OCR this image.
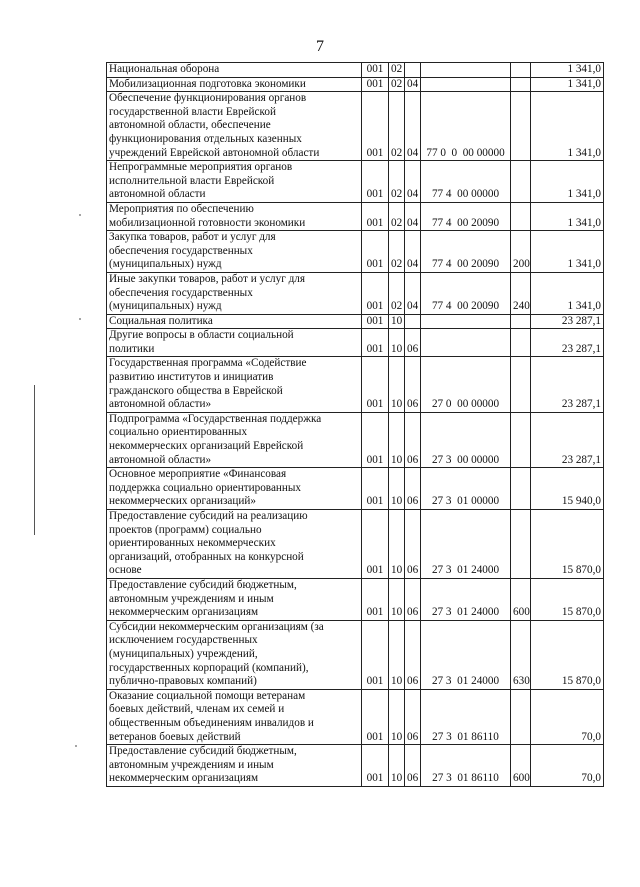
7
Национальная оборона	001	02				1 341,0
Мобилизационная подготовка экономики	001	02	04			1 341,0
Обеспечение функционирования органов
государственной власти Еврейской
автономной области, обеспечение
функционирования отдельных казенных
учреждений Еврейской автономной области	001	02	04	77 0  0  00 00000		1 341,0
Непрограммные мероприятия органов
исполнительной власти Еврейской
автономной области	001	02	04	77 4  00 00000		1 341,0
Мероприятия по обеспечению
мобилизационной готовности экономики	001	02	04	77 4  00 20090		1 341,0
Закупка товаров, работ и услуг для
обеспечения государственных
(муниципальных) нужд	001	02	04	77 4  00 20090	200	1 341,0
Иные закупки товаров, работ и услуг для
обеспечения государственных
(муниципальных) нужд	001	02	04	77 4  00 20090	240	1 341,0
Социальная политика	001	10				23 287,1
Другие вопросы в области социальной
политики	001	10	06			23 287,1
Государственная программа «Содействие
развитию институтов и инициатив
гражданского общества в Еврейской
автономной области»	001	10	06	27 0  00 00000		23 287,1
Подпрограмма «Государственная поддержка
социально ориентированных
некоммерческих организаций Еврейской
автономной области»	001	10	06	27 3  00 00000		23 287,1
Основное мероприятие «Финансовая
поддержка социально ориентированных
некоммерческих организаций»	001	10	06	27 3  01 00000		15 940,0
Предоставление субсидий на реализацию
проектов (программ) социально
ориентированных некоммерческих
организаций, отобранных на конкурсной
основе	001	10	06	27 3  01 24000		15 870,0
Предоставление субсидий бюджетным,
автономным учреждениям и иным
некоммерческим организациям	001	10	06	27 3  01 24000	600	15 870,0
Субсидии некоммерческим организациям (за
исключением государственных
(муниципальных) учреждений,
государственных корпораций (компаний),
публично-правовых компаний)	001	10	06	27 3  01 24000	630	15 870,0
Оказание социальной помощи ветеранам
боевых действий, членам их семей и
общественным объединениям инвалидов и
ветеранов боевых действий	001	10	06	27 3  01 86110		70,0
Предоставление субсидий бюджетным,
автономным учреждениям и иным
некоммерческим организациям	001	10	06	27 3  01 86110	600	70,0
